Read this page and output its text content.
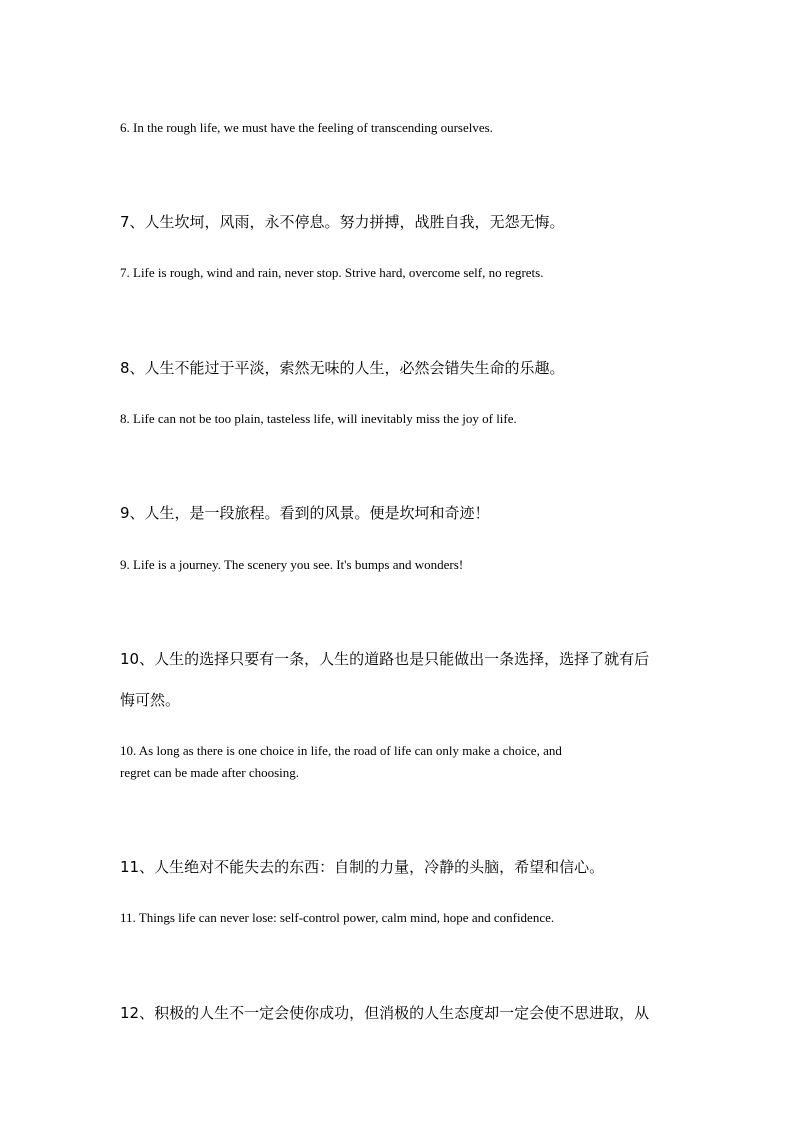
6. In the rough life, we must have the feeling of transcending ourselves.
7、人生坎坷，风雨，永不停息。努力拼搏，战胜自我，无怨无悔。
7. Life is rough, wind and rain, never stop. Strive hard, overcome self, no regrets.
8、人生不能过于平淡，索然无味的人生，必然会错失生命的乐趣。
8. Life can not be too plain, tasteless life, will inevitably miss the joy of life.
9、人生，是一段旅程。看到的风景。便是坎坷和奇迹！
9. Life is a journey. The scenery you see. It's bumps and wonders!
10、人生的选择只要有一条，人生的道路也是只能做出一条选择，选择了就有后
悔可然。
10. As long as there is one choice in life, the road of life can only make a choice, and
regret can be made after choosing.
11、人生绝对不能失去的东西：自制的力量，冷静的头脑，希望和信心。
11. Things life can never lose: self-control power, calm mind, hope and confidence.
12、积极的人生不一定会使你成功，但消极的人生态度却一定会使不思进取，从
